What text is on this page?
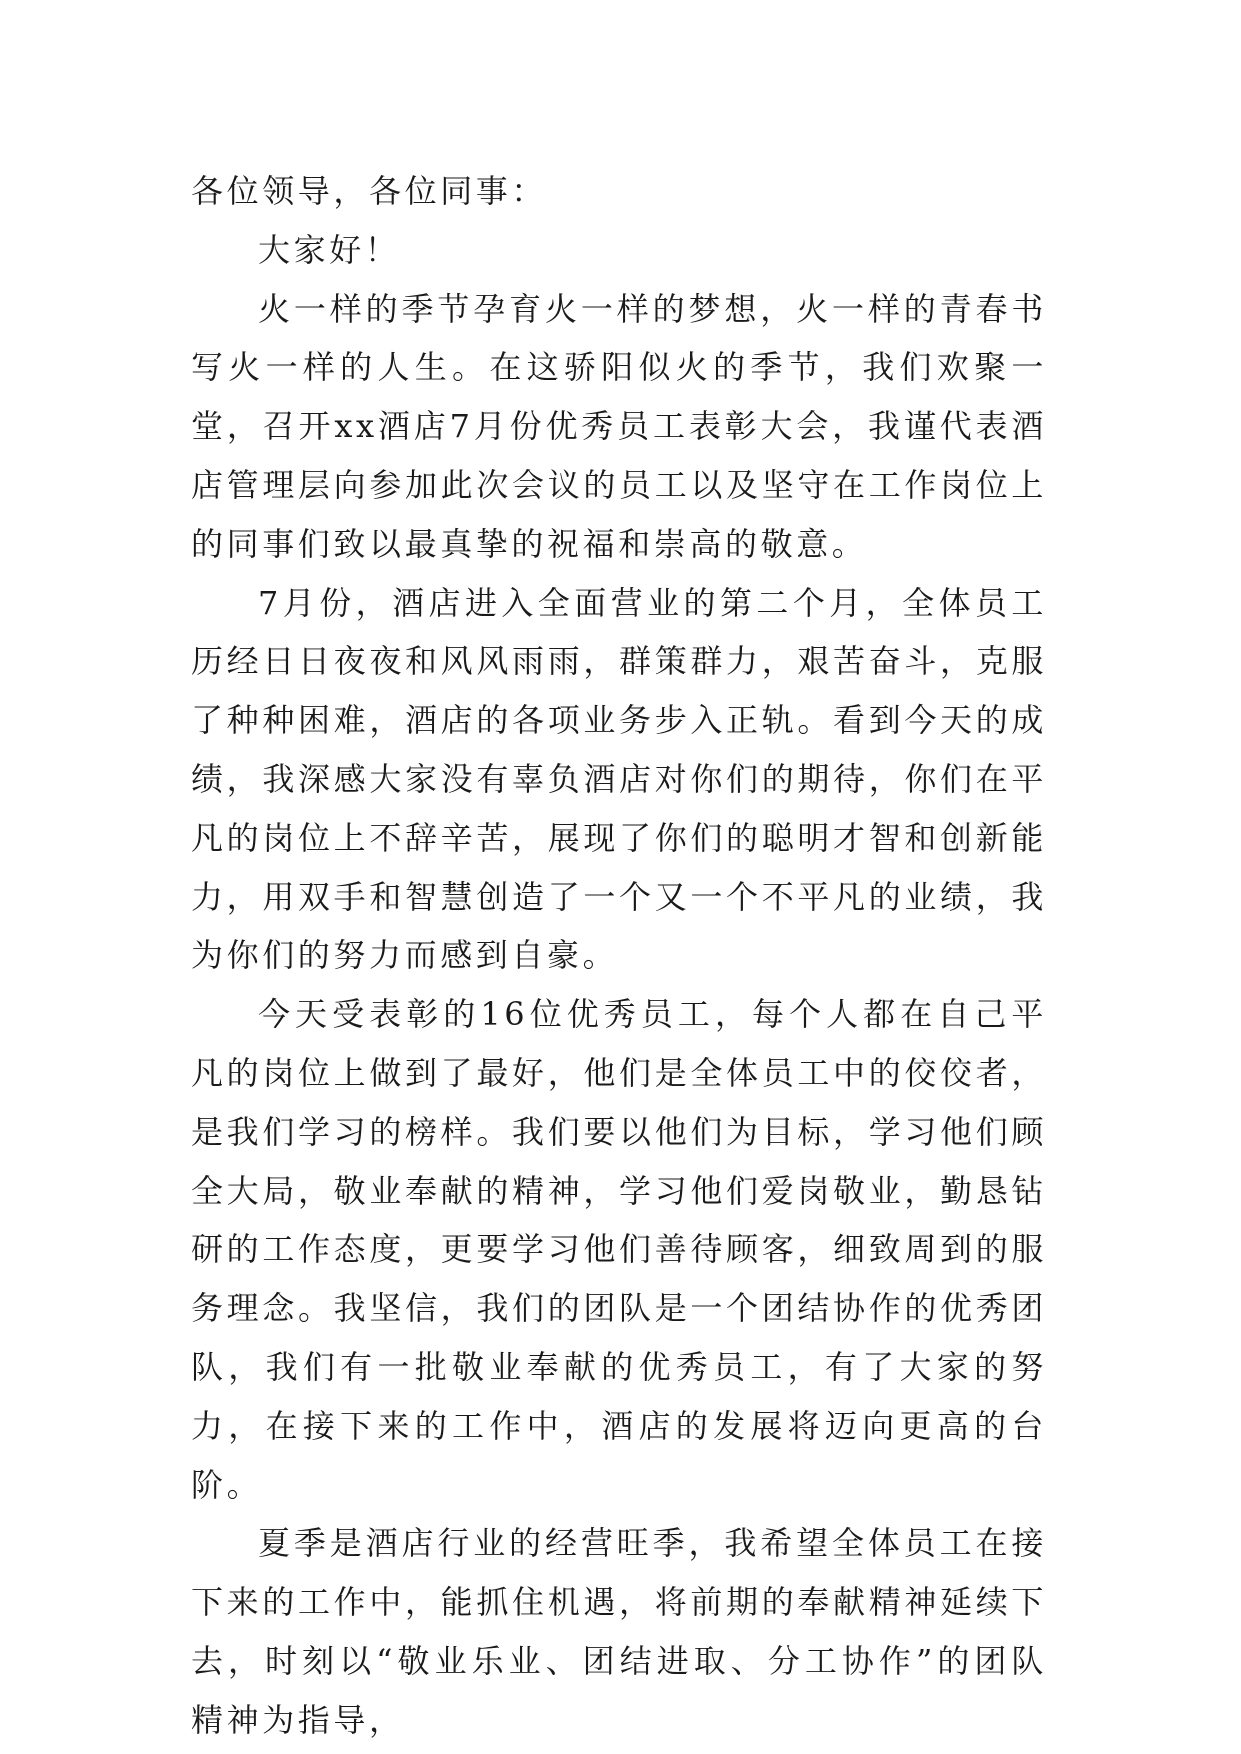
各位领导，各位同事：

大家好！

火一样的季节孕育火一样的梦想，火一样的青春书写火一样的人生。在这骄阳似火的季节，我们欢聚一堂，召开xx酒店7月份优秀员工表彰大会，我谨代表酒店管理层向参加此次会议的员工以及坚守在工作岗位上的同事们致以最真挚的祝福和崇高的敬意。

7月份，酒店进入全面营业的第二个月，全体员工历经日日夜夜和风风雨雨，群策群力，艰苦奋斗，克服了种种困难，酒店的各项业务步入正轨。看到今天的成绩，我深感大家没有辜负酒店对你们的期待，你们在平凡的岗位上不辞辛苦，展现了你们的聪明才智和创新能力，用双手和智慧创造了一个又一个不平凡的业绩，我为你们的努力而感到自豪。

今天受表彰的16位优秀员工，每个人都在自己平凡的岗位上做到了最好，他们是全体员工中的佼佼者，是我们学习的榜样。我们要以他们为目标，学习他们顾全大局，敬业奉献的精神，学习他们爱岗敬业，勤恳钻研的工作态度，更要学习他们善待顾客，细致周到的服务理念。我坚信，我们的团队是一个团结协作的优秀团队，我们有一批敬业奉献的优秀员工，有了大家的努力，在接下来的工作中，酒店的发展将迈向更高的台阶。

夏季是酒店行业的经营旺季，我希望全体员工在接下来的工作中，能抓住机遇，将前期的奉献精神延续下去，时刻以“敬业乐业、团结进取、分工协作”的团队精神为指导，
